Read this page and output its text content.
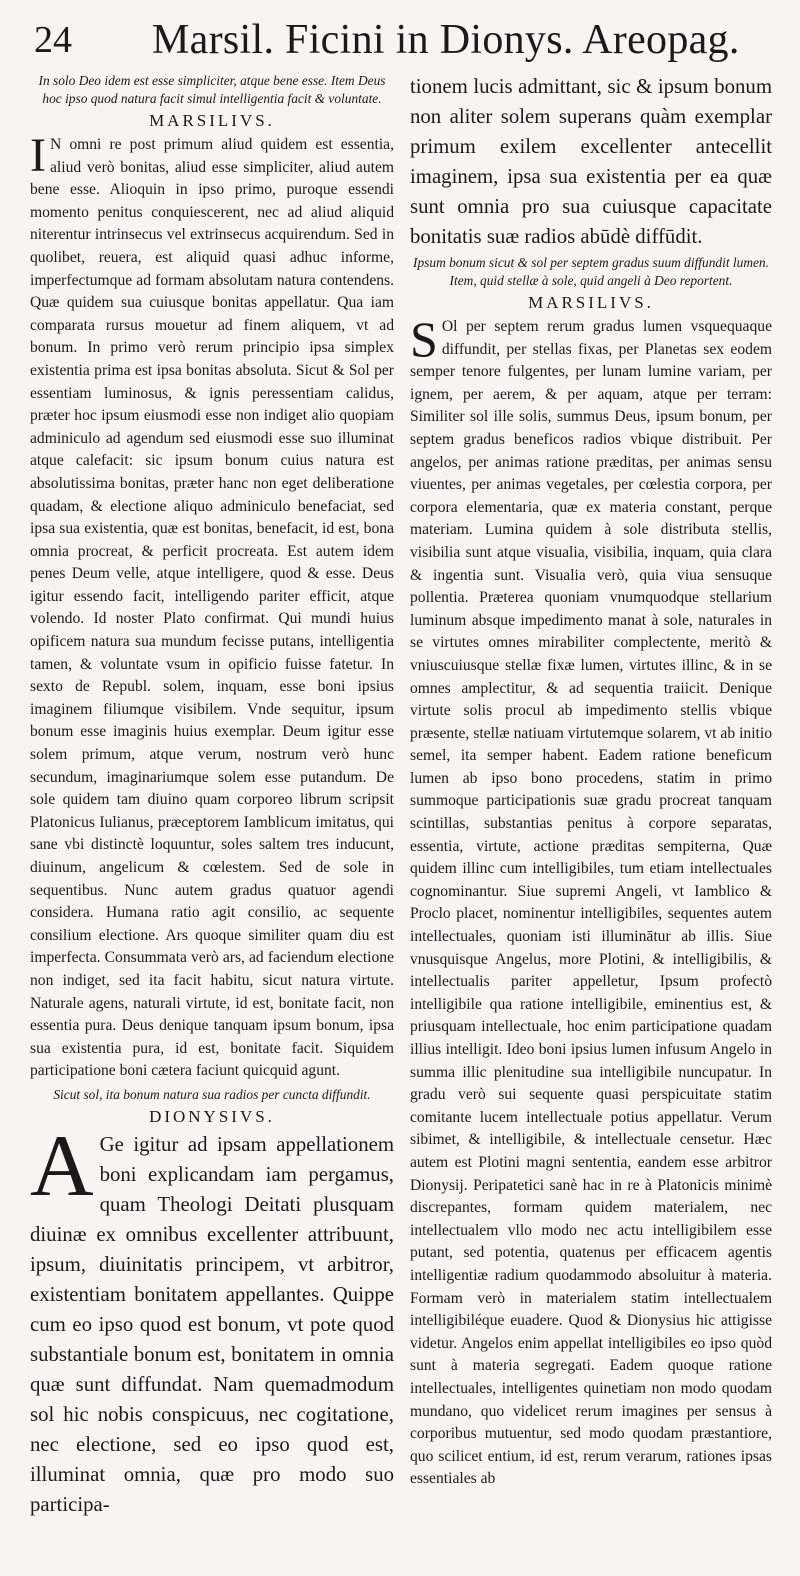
24 Marsil. Ficini in Dionys. Areopag.
In solo Deo idem est esse simpliciter, atque bene esse. Item Deus hoc ipso quod natura facit simul intelligentia facit & voluntate.
MARSILIVS.
I N omni re post primum aliud quidem est essentia, aliud verò bonitas, aliud esse simpliciter, aliud autem bene esse. Alioquin in ipso primo, puroque essendi momento penitus conquiescerent, nec ad aliud aliquid niterentur intrinsecus vel extrinsecus acquirendum. Sed in quolibet, reuera, est aliquid quasi adhuc informe, imperfectumque ad formam absolutam natura contendens. Quæ quidem sua cuiusque bonitas appellatur. Qua iam comparata rursus mouetur ad finem aliquem, vt ad bonum. In primo verò rerum principio ipsa simplex existentia prima est ipsa bonitas absoluta. Sicut & Sol per essentiam luminosus, & ignis peressentiam calidus, præter hoc ipsum eiusmodi esse non indiget alio quopiam adminiculo ad agendum sed eiusmodi esse suo illuminat atque calefacit: sic ipsum bonum cuius natura est absolutissima bonitas, præter hanc non eget deliberatione quadam, & electione aliquo adminiculo benefaciat, sed ipsa sua existentia, quæ est bonitas, benefacit, id est, bona omnia procreat, & perficit procreata. Est autem idem penes Deum velle, atque intelligere, quod & esse. Deus igitur essendo facit, intelligendo pariter efficit, atque volendo. Id noster Plato confirmat. Qui mundi huius opificem natura sua mundum fecisse putans, intelligentia tamen, & voluntate vsum in opificio fuisse fatetur. In sexto de Republ. solem, inquam, esse boni ipsius imaginem filiumque visibilem. Vnde sequitur, ipsum bonum esse imaginis huius exemplar. Deum igitur esse solem primum, atque verum, nostrum verò hunc secundum, imaginariumque solem esse putandum. De sole quidem tam diuino quam corporeo librum scripsit Platonicus Iulianus, præceptorem Iamblicum imitatus, qui sane vbi distinctè loquuntur, soles saltem tres inducunt, diuinum, angelicum & cœlestem. Sed de sole in sequentibus. Nunc autem gradus quatuor agendi considera. Humana ratio agit consilio, ac sequente consilium electione. Ars quoque similiter quam diu est imperfecta. Consummata verò ars, ad faciendum electione non indiget, sed ita facit habitu, sicut natura virtute. Naturale agens, naturali virtute, id est, bonitate facit, non essentia pura. Deus denique tanquam ipsum bonum, ipsa sua existentia pura, id est, bonitate facit. Siquidem participatione boni cætera faciunt quicquid agunt.
Sicut sol, ita bonum natura sua radios per cuncta diffundit.
DIONYSIVS.
A Ge igitur ad ipsam appellationem boni explicandam iam pergamus, quam Theologi Deitati plusquam diuinæ ex omnibus excellenter attribuunt, ipsum, diuinitatis principem, vt arbitror, existentiam bonitatem appellantes. Quippe cum eo ipso quod est bonum, vt pote quod substantiale bonum est, bonitatem in omnia quæ sunt diffundat. Nam quemadmodum sol hic nobis conspicuus, nec cogitatione, nec electione, sed eo ipso quod est, illuminat omnia, quæ pro modo suo participa-
tionem lucis admittant, sic & ipsum bonum non aliter solem superans quàm exemplar primum exilem excellenter antecellit imaginem, ipsa sua existentia per ea quæ sunt omnia pro sua cuiusque capacitate bonitatis suæ radios abūdè diffūdit.
Ipsum bonum sicut & sol per septem gradus suum diffundit lumen. Item, quid stellæ à sole, quid angeli à Deo reportent.
MARSILIVS.
S Ol per septem rerum gradus lumen vsquequaque diffundit, per stellas fixas, per Planetas sex eodem semper tenore fulgentes, per lunam lumine variam, per ignem, per aerem, & per aquam, atque per terram: Similiter sol ille solis, summus Deus, ipsum bonum, per septem gradus beneficos radios vbique distribuit. Per angelos, per animas ratione præditas, per animas sensu viuentes, per animas vegetales, per cœlestia corpora, per corpora elementaria, quæ ex materia constant, perque materiam. Lumina quidem à sole distributa stellis, visibilia sunt atque visualia, visibilia, inquam, quia clara & ingentia sunt. Visualia verò, quia viua sensuque pollentia. Præterea quoniam vnumquodque stellarium luminum absque impedimento manat à sole, naturales in se virtutes omnes mirabiliter complectente, meritò & vniuscuiusque stellæ fixæ lumen, virtutes illinc, & in se omnes amplectitur, & ad sequentia traiicit. Denique virtute solis procul ab impedimento stellis vbique præsente, stellæ natiuam virtutemque solarem, vt ab initio semel, ita semper habent. Eadem ratione beneficum lumen ab ipso bono procedens, statim in primo summoque participationis suæ gradu procreat tanquam scintillas, substantias penitus à corpore separatas, essentia, virtute, actione præditas sempiterna, Quæ quidem illinc cum intelligibiles, tum etiam intellectuales cognominantur. Siue supremi Angeli, vt Iamblico & Proclo placet, nominentur intelligibiles, sequentes autem intellectuales, quoniam isti illuminātur ab illis. Siue vnusquisque Angelus, more Plotini, & intelligibilis, & intellectualis pariter appelletur, Ipsum profectò intelligibile qua ratione intelligibile, eminentius est, & priusquam intellectuale, hoc enim participatione quadam illius intelligit. Ideo boni ipsius lumen infusum Angelo in summa illic plenitudine sua intelligibile nuncupatur. In gradu verò sui sequente quasi perspicuitate statim comitante lucem intellectuale potius appellatur. Verum sibimet, & intelligibile, & intellectuale censetur. Hæc autem est Plotini magni sententia, eandem esse arbitror Dionysij. Peripatetici sanè hac in re à Platonicis minimè discrepantes, formam quidem materialem, nec intellectualem vllo modo nec actu intelligibilem esse putant, sed potentia, quatenus per efficacem agentis intelligentiæ radium quodammodo absoluitur à materia. Formam verò in materialem statim intellectualem intelligibiléque euadere. Quod & Dionysius hic attigisse videtur. Angelos enim appellat intelligibiles eo ipso quòd sunt à materia segregati. Eadem quoque ratione intellectuales, intelligentes quinetiam non modo quodam mundano, quo videlicet rerum imagines per sensus à corporibus mutuentur, sed modo quodam præstantiore, quo scilicet entium, id est, rerum verarum, rationes ipsas essentiales ab
